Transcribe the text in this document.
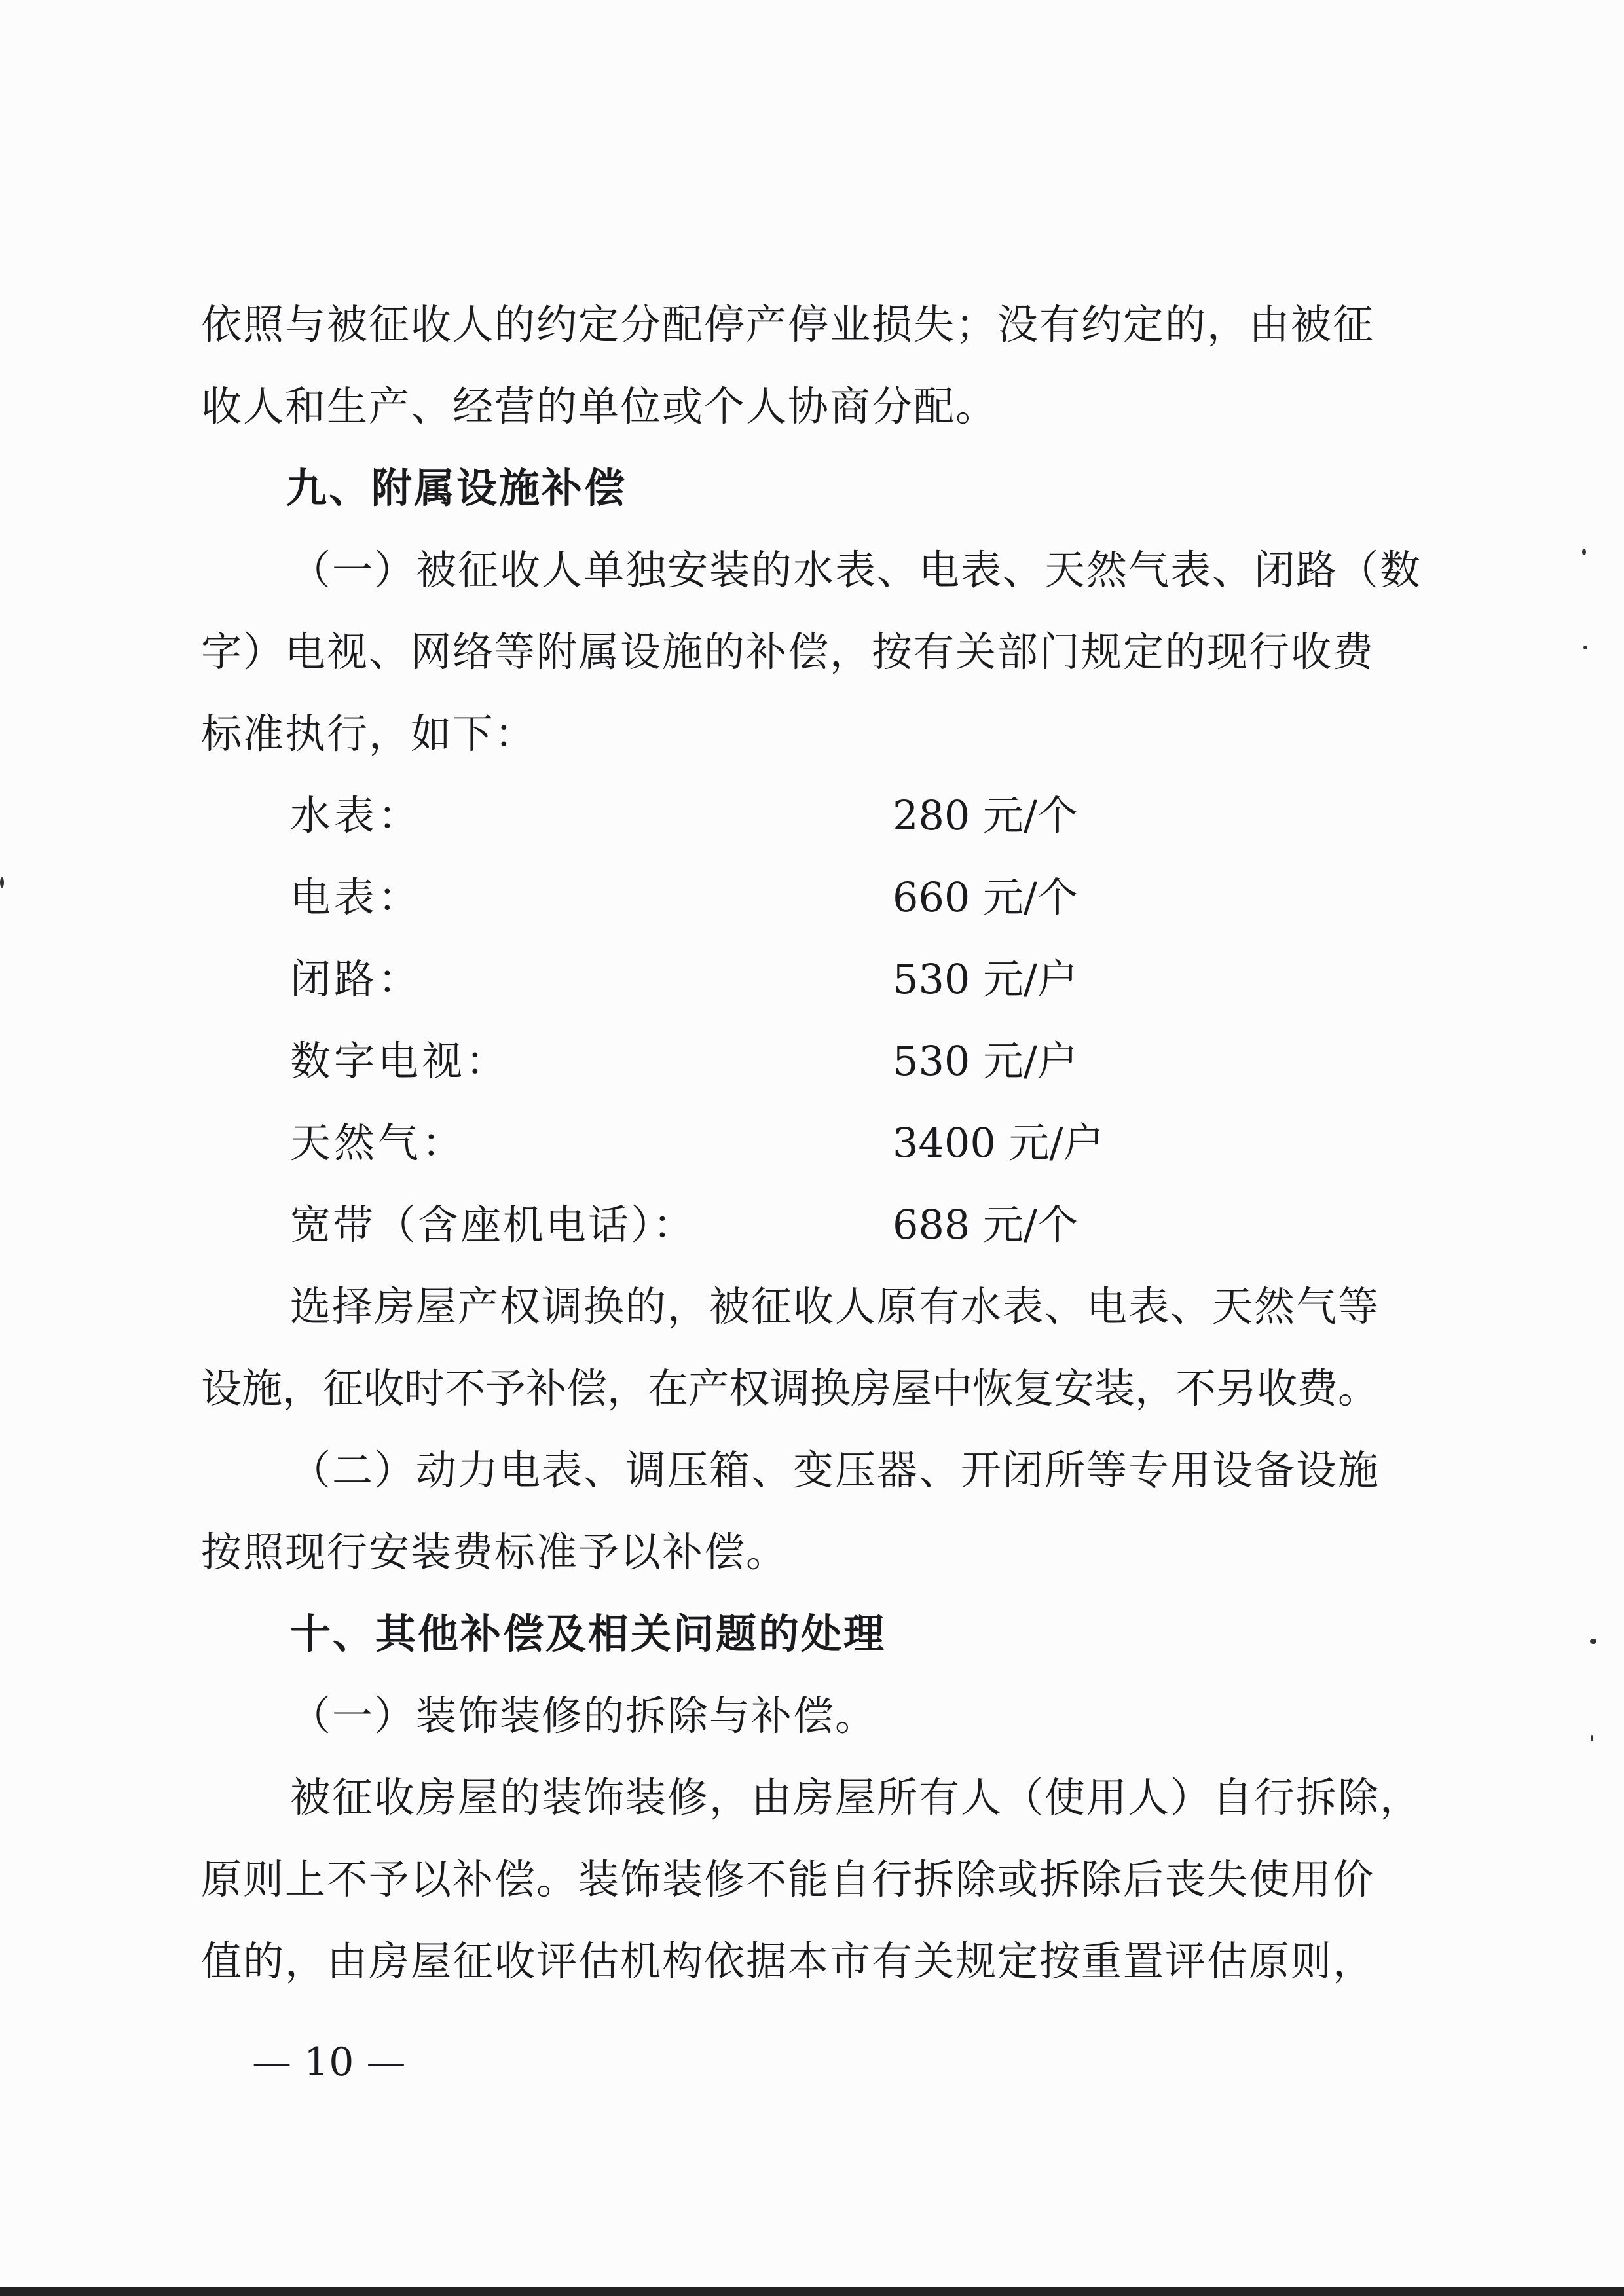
依照与被征收人的约定分配停产停业损失；没有约定的，由被征
收人和生产、经营的单位或个人协商分配。
九、附属设施补偿
（一）被征收人单独安装的水表、电表、天然气表、闭路（数
字）电视、网络等附属设施的补偿，按有关部门规定的现行收费
标准执行，如下：
水表：	280 元/个
电表：	660 元/个
闭路：	530 元/户
数字电视：	530 元/户
天然气：	3400 元/户
宽带（含座机电话）：	688 元/个
选择房屋产权调换的，被征收人原有水表、电表、天然气等
设施，征收时不予补偿，在产权调换房屋中恢复安装，不另收费。
（二）动力电表、调压箱、变压器、开闭所等专用设备设施
按照现行安装费标准予以补偿。
十、其他补偿及相关问题的处理
（一）装饰装修的拆除与补偿。
被征收房屋的装饰装修，由房屋所有人（使用人）自行拆除，
原则上不予以补偿。装饰装修不能自行拆除或拆除后丧失使用价
值的，由房屋征收评估机构依据本市有关规定按重置评估原则，
— 10 —
